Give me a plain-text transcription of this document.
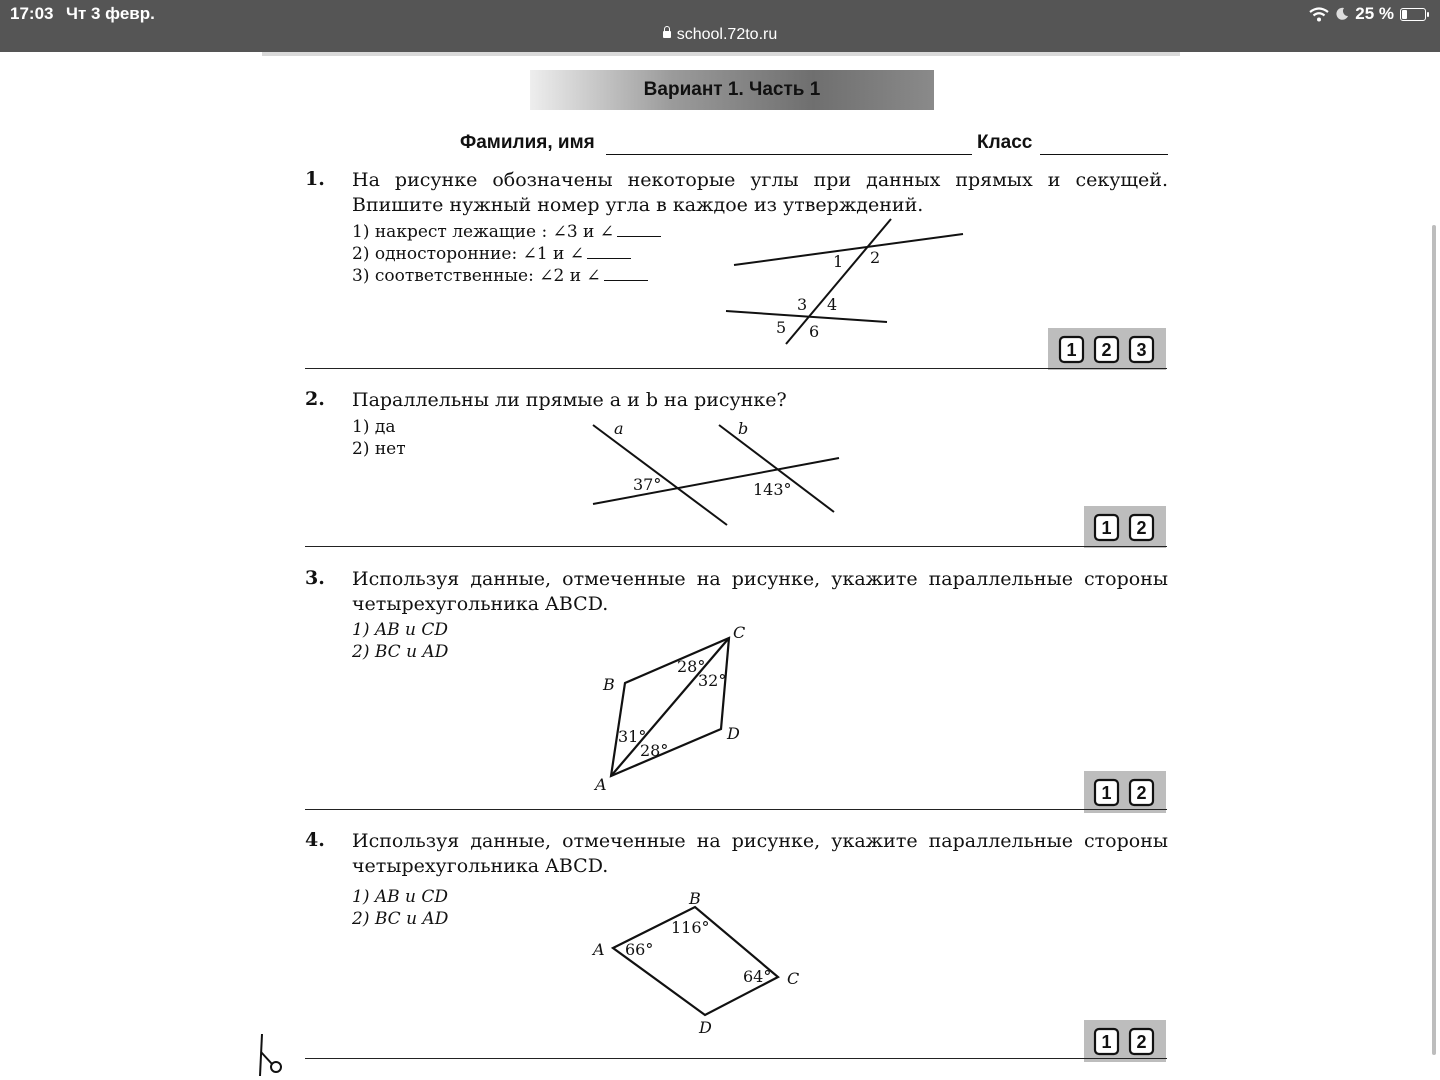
17:03 Чт 3 февр.
school.72to.ru
25 %
Вариант 1. Часть 1
Фамилия, имя	Класс
1. На рисунке обозначены некоторые углы при данных прямых и секущей. Впишите нужный номер угла в каждое из утверждений.
1) накрест лежащие : ∠3 и ∠
2) односторонние: ∠1 и ∠
3) соответственные: ∠2 и ∠
1 2
3 4
5 6
1 2 3
2. Параллельны ли прямые a и b на рисунке?
1) да
2) нет
a	b
37°	143°
1 2
3. Используя данные, отмеченные на рисунке, укажите параллельные стороны четырехугольника ABCD.
1) AB и CD
2) BC и AD
A
B
C
D
28°
32°
31°
28°
1 2
4. Используя данные, отмеченные на рисунке, укажите параллельные стороны четырехугольника ABCD.
1) AB и CD
2) BC и AD
A
B
C
D
66°
116°
64°
1 2
